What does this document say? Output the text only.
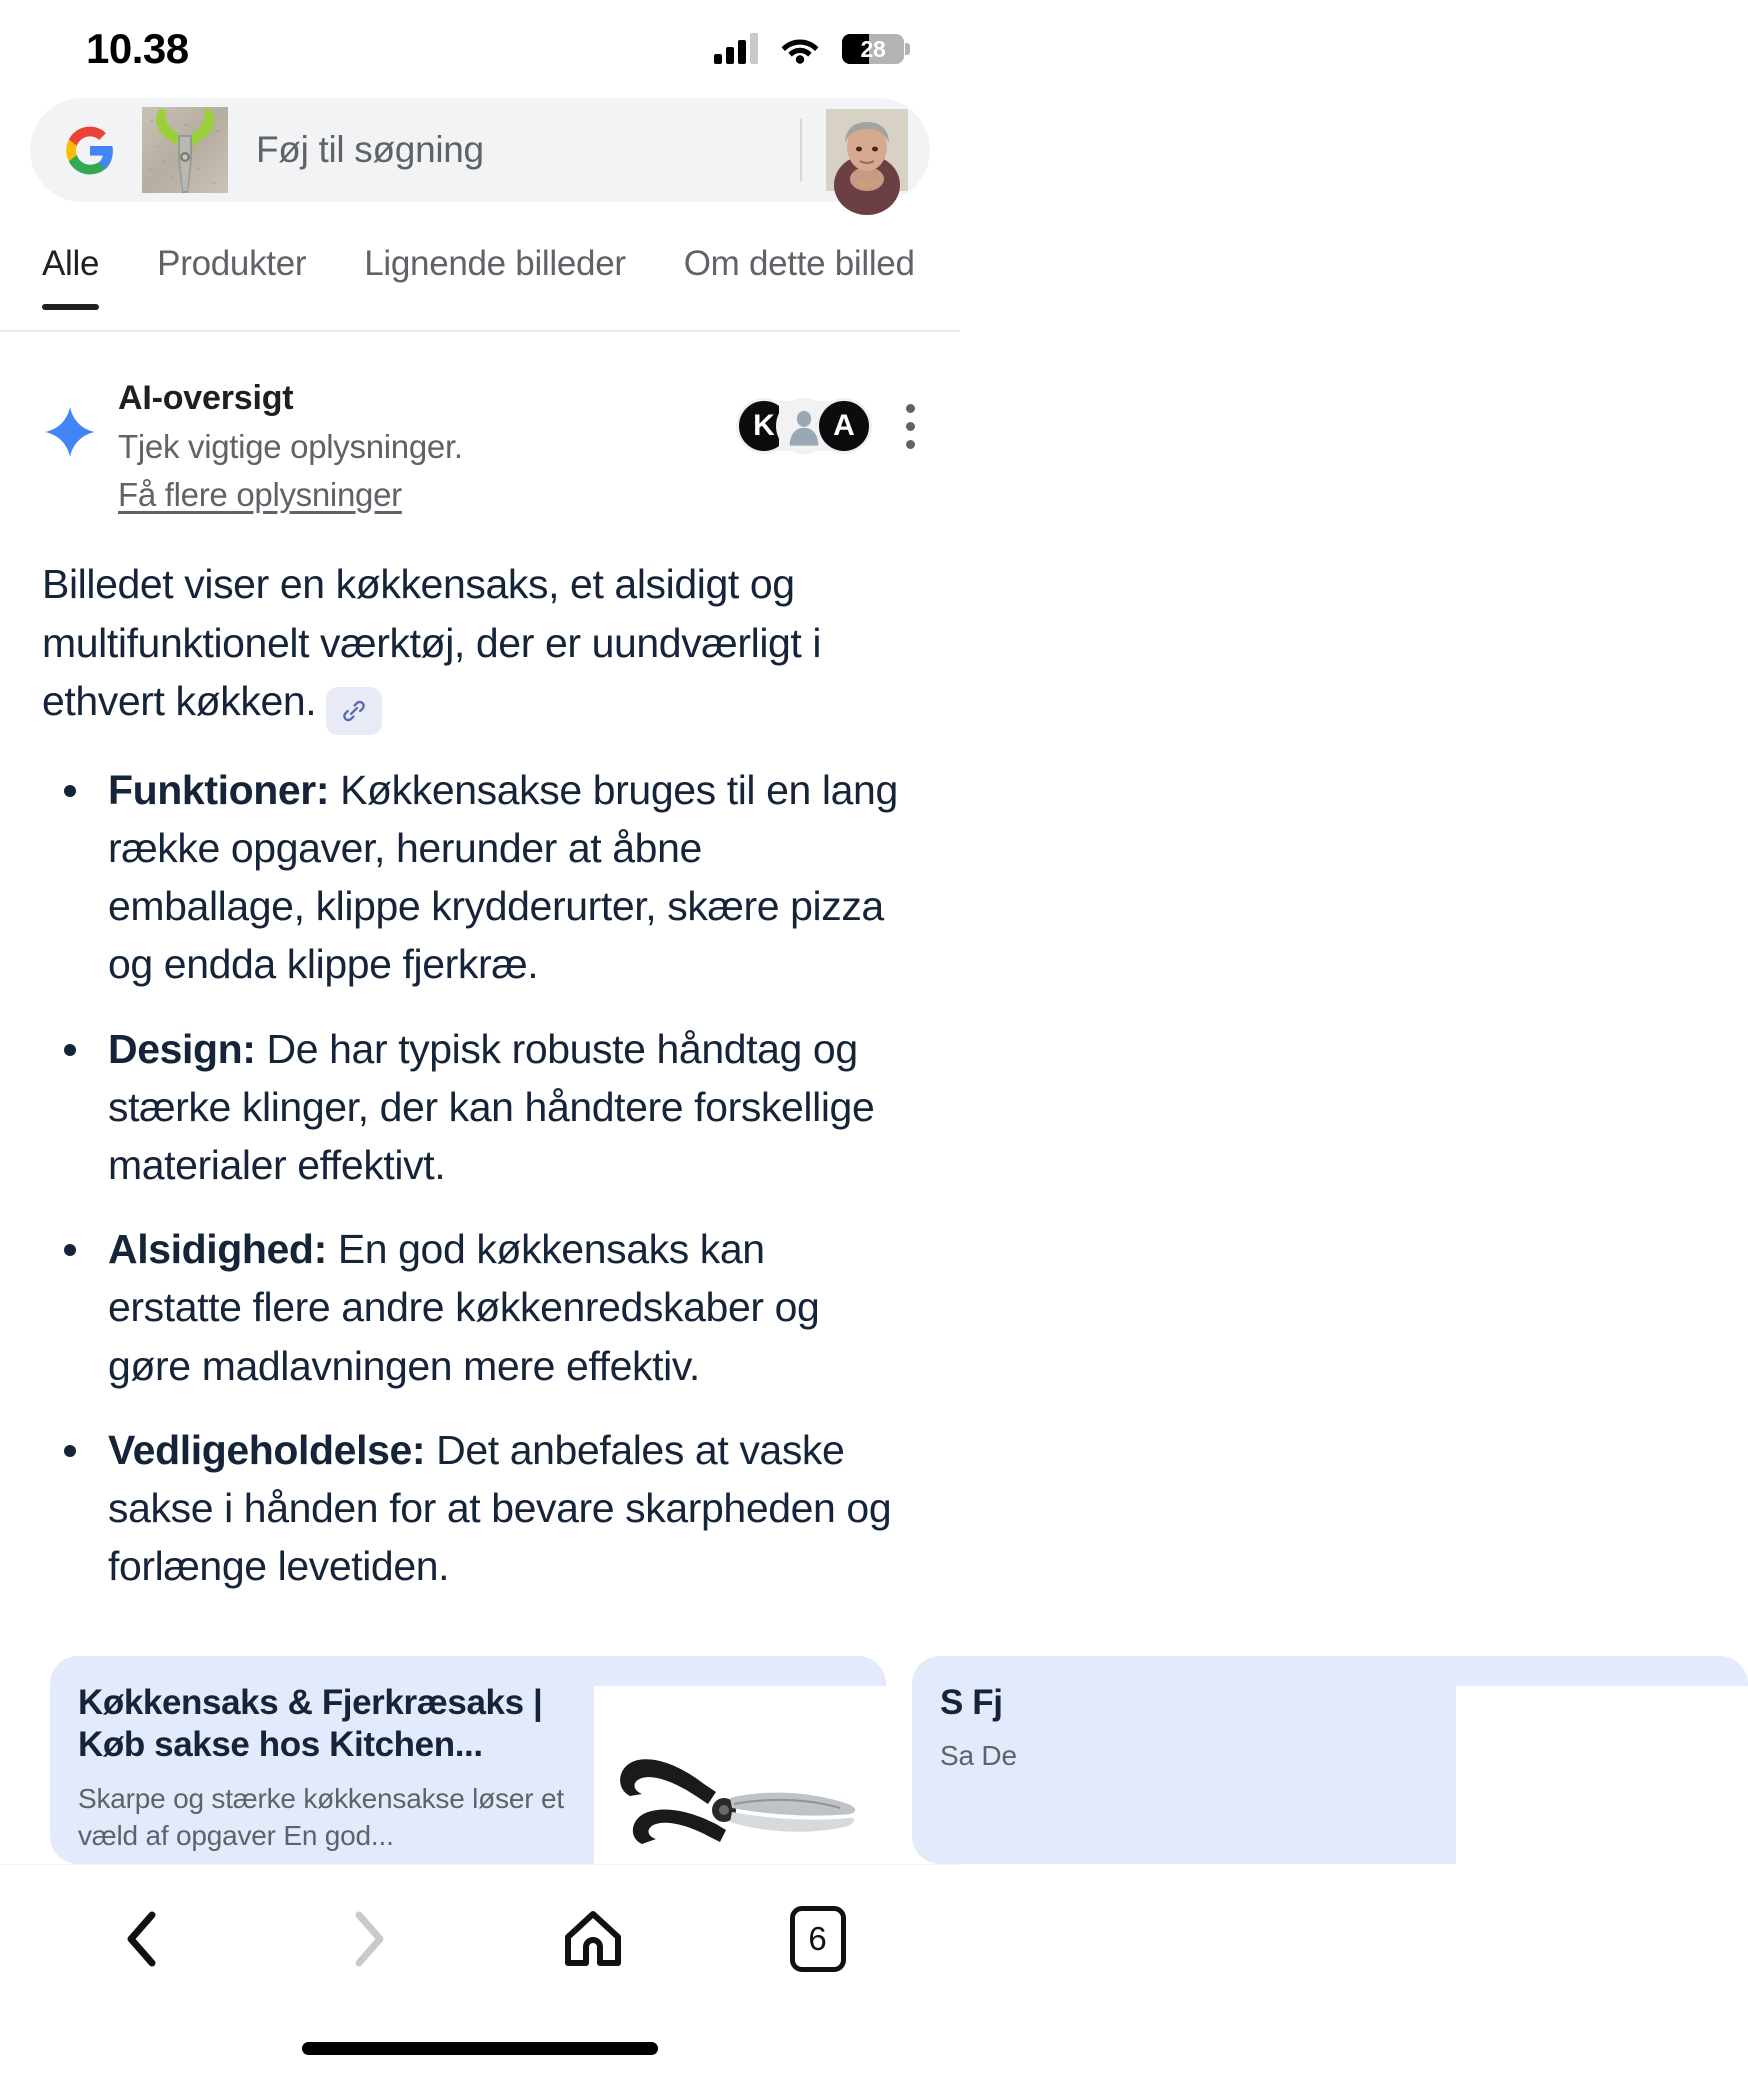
10.38	28
Føj til søgning
Alle Produkter Lignende billeder Om dette billed
AI-oversigt
Tjek vigtige oplysninger.
Få flere oplysninger
K	A
Billedet viser en køkkensaks, et alsidigt og multifunktionelt værktøj, der er uundværligt i ethvert køkken.
Funktioner: Køkkensakse bruges til en lang række opgaver, herunder at åbne emballage, klippe krydderurter, skære pizza og endda klippe fjerkræ.
Design: De har typisk robuste håndtag og stærke klinger, der kan håndtere forskellige materialer effektivt.
Alsidighed: En god køkkensaks kan erstatte flere andre køkkenredskaber og gøre madlavningen mere effektiv.
Vedligeholdelse: Det anbefales at vaske sakse i hånden for at bevare skarpheden og forlænge levetiden.
Køkkensaks & Fjerkræsaks | Køb sakse hos Kitchen...
Skarpe og stærke køkkensakse løser et væld af opgaver En god...
S Fj
Sa De
6
